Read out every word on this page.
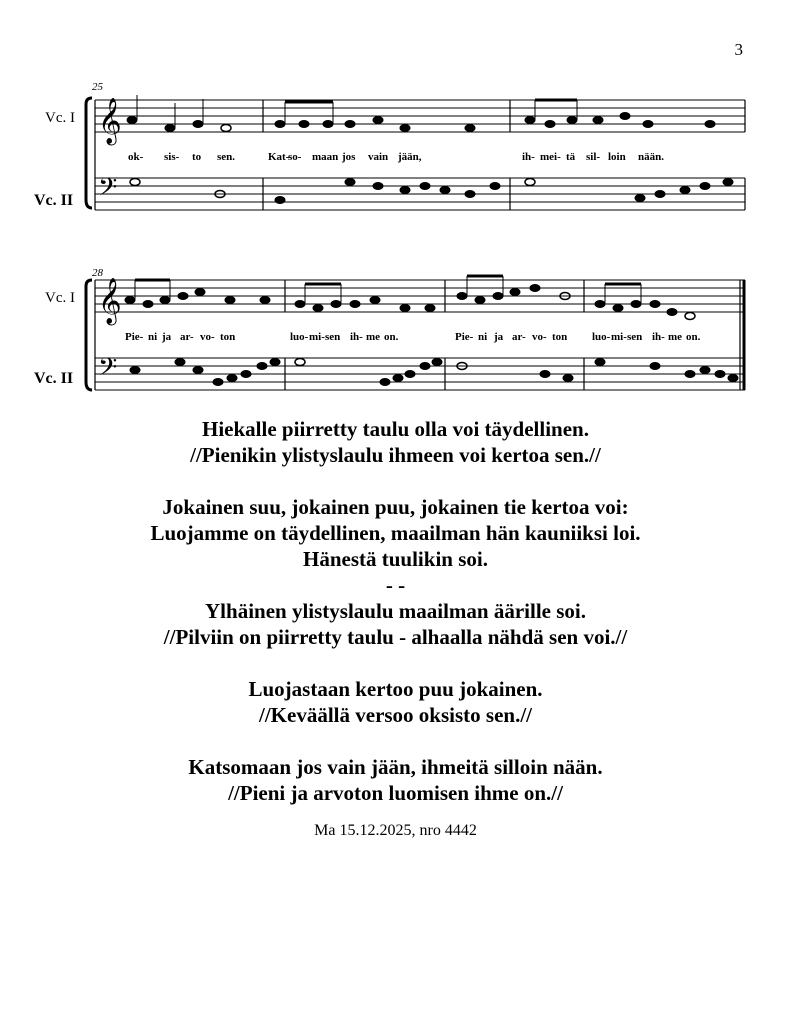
3
25
Vc. I
Vc. II
𝄞
𝄢
ok- sis- to sen.	Kat-
so- maan jos vain jään,	ih- mei- tä sil- loin nään.
28
Vc. I
Vc. II
𝄞
𝄢
Pie- ni ja ar- vo- ton	luo- mi- sen ih- me on.	Pie- ni ja ar- vo- ton luo- mi- sen ih- me on.
Hiekalle piirretty taulu olla voi täydellinen.
//Pienikin ylistyslaulu ihmeen voi kertoa sen.//

Jokainen suu, jokainen puu, jokainen tie kertoa voi:
Luojamme on täydellinen, maailman hän kauniiksi loi.
Hänestä tuulikin soi.
- -
Ylhäinen ylistyslaulu maailman äärille soi.
//Pilviin on piirretty taulu - alhaalla nähdä sen voi.//

Luojastaan kertoo puu jokainen.
//Keväällä versoo oksisto sen.//

Katsomaan jos vain jään, ihmeitä silloin nään.
//Pieni ja arvoton luomisen ihme on.//
Ma 15.12.2025, nro 4442
